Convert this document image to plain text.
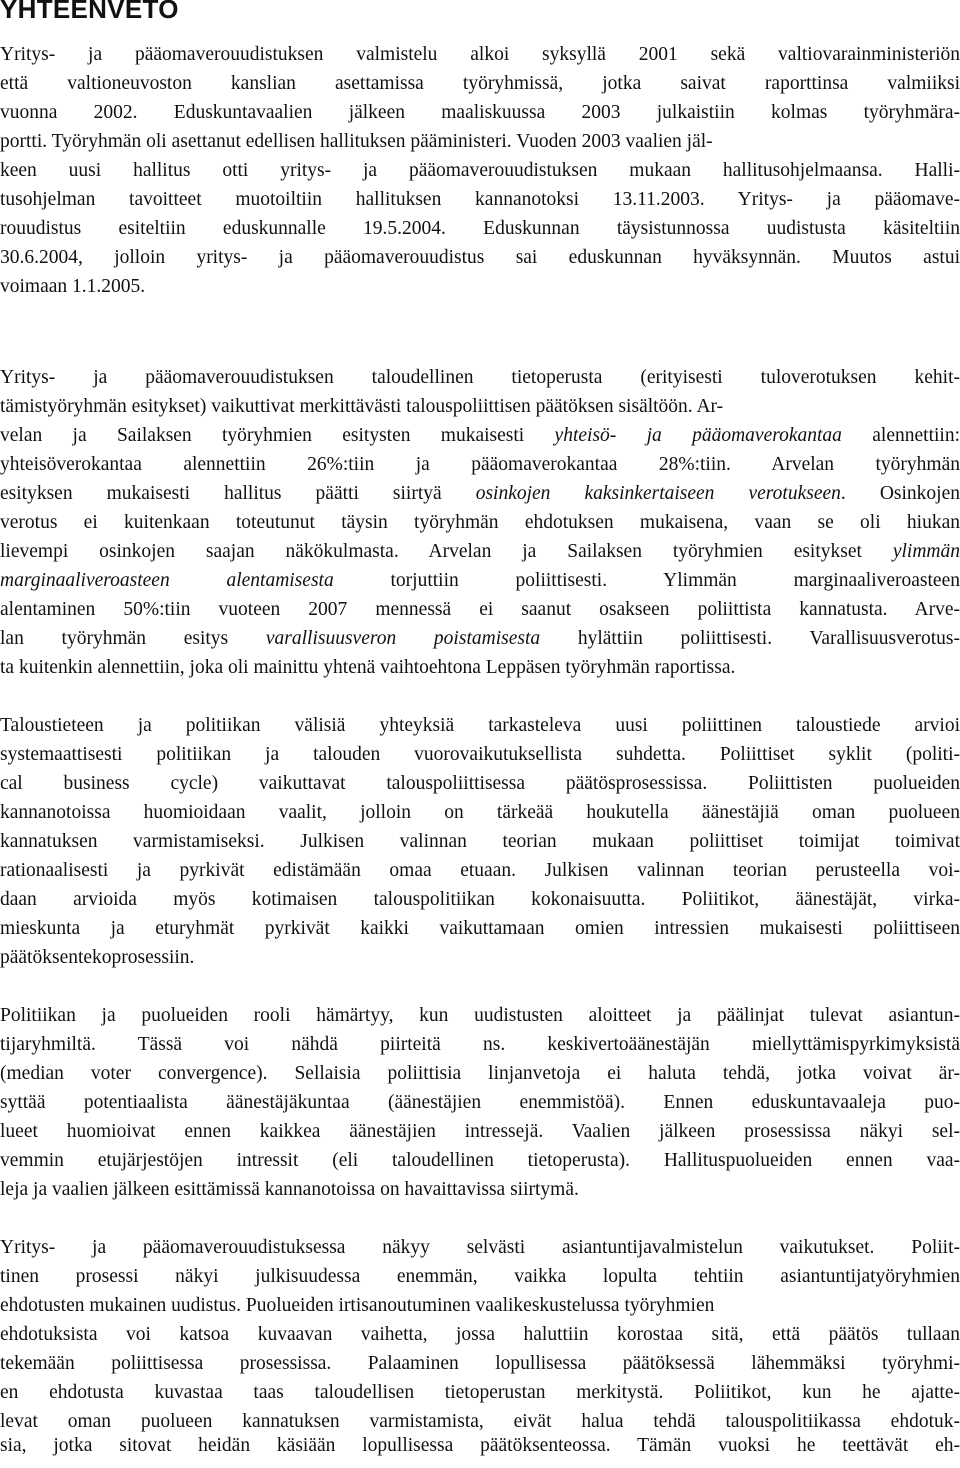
YHTEENVETO
Yritys- ja pääomaverouudistuksen valmistelu alkoi syksyllä 2001 sekä valtiovarainministeriön
että valtioneuvoston kanslian asettamissa työryhmissä, jotka saivat raporttinsa valmiiksi
vuonna 2002. Eduskuntavaalien jälkeen maaliskuussa 2003 julkaistiin kolmas työryhmära-
portti. Työryhmän oli asettanut edellisen hallituksen pääministeri. Vuoden 2003 vaalien jäl-
keen uusi hallitus otti yritys- ja pääomaverouudistuksen mukaan hallitusohjelmaansa. Halli-
tusohjelman tavoitteet muotoiltiin hallituksen kannanotoksi 13.11.2003. Yritys- ja pääomave-
rouudistus esiteltiin eduskunnalle 19.5.2004. Eduskunnan täysistunnossa uudistusta käsiteltiin
30.6.2004, jolloin yritys- ja pääomaverouudistus sai eduskunnan hyväksynnän. Muutos astui
voimaan 1.1.2005.
Yritys- ja pääomaverouudistuksen taloudellinen tietoperusta (erityisesti tuloverotuksen kehit-
tämistyöryhmän esitykset) vaikuttivat merkittävästi talouspoliittisen päätöksen sisältöön. Ar-
velan ja Sailaksen työryhmien esitysten mukaisesti yhteisö- ja pääomaverokantaa alennettiin:
yhteisöverokantaa alennettiin 26%:tiin ja pääomaverokantaa 28%:tiin. Arvelan työryhmän
esityksen mukaisesti hallitus päätti siirtyä osinkojen kaksinkertaiseen verotukseen. Osinkojen
verotus ei kuitenkaan toteutunut täysin työryhmän ehdotuksen mukaisena, vaan se oli hiukan
lievempi osinkojen saajan näkökulmasta. Arvelan ja Sailaksen työryhmien esitykset ylimmän
marginaaliveroasteen alentamisesta torjuttiin poliittisesti. Ylimmän marginaaliveroasteen
alentaminen 50%:tiin vuoteen 2007 mennessä ei saanut osakseen poliittista kannatusta. Arve-
lan työryhmän esitys varallisuusveron poistamisesta hylättiin poliittisesti. Varallisuusverotus-
ta kuitenkin alennettiin, joka oli mainittu yhtenä vaihtoehtona Leppäsen työryhmän raportissa.
Taloustieteen ja politiikan välisiä yhteyksiä tarkasteleva uusi poliittinen taloustiede arvioi
systemaattisesti politiikan ja talouden vuorovaikutuksellista suhdetta. Poliittiset syklit (politi-
cal business cycle) vaikuttavat talouspoliittisessa päätösprosessissa. Poliittisten puolueiden
kannanotoissa huomioidaan vaalit, jolloin on tärkeää houkutella äänestäjiä oman puolueen
kannatuksen varmistamiseksi. Julkisen valinnan teorian mukaan poliittiset toimijat toimivat
rationaalisesti ja pyrkivät edistämään omaa etuaan. Julkisen valinnan teorian perusteella voi-
daan arvioida myös kotimaisen talouspolitiikan kokonaisuutta. Poliitikot, äänestäjät, virka-
mieskunta ja eturyhmät pyrkivät kaikki vaikuttamaan omien intressien mukaisesti poliittiseen
päätöksentekoprosessiin.
Politiikan ja puolueiden rooli hämärtyy, kun uudistusten aloitteet ja päälinjat tulevat asiantun-
tijaryhmiltä. Tässä voi nähdä piirteitä ns. keskivertoäänestäjän miellyttämispyrkimyksistä
(median voter convergence). Sellaisia poliittisia linjanvetoja ei haluta tehdä, jotka voivat är-
syttää potentiaalista äänestäjäkuntaa (äänestäjien enemmistöä). Ennen eduskuntavaaleja puo-
lueet huomioivat ennen kaikkea äänestäjien intressejä. Vaalien jälkeen prosessissa näkyi sel-
vemmin etujärjestöjen intressit (eli taloudellinen tietoperusta). Hallituspuolueiden ennen vaa-
leja ja vaalien jälkeen esittämissä kannanotoissa on havaittavissa siirtymä.
Yritys- ja pääomaverouudistuksessa näkyy selvästi asiantuntijavalmistelun vaikutukset. Poliit-
tinen prosessi näkyi julkisuudessa enemmän, vaikka lopulta tehtiin asiantuntijatyöryhmien
ehdotusten mukainen uudistus. Puolueiden irtisanoutuminen vaalikeskustelussa työryhmien
ehdotuksista voi katsoa kuvaavan vaihetta, jossa haluttiin korostaa sitä, että päätös tullaan
tekemään poliittisessa prosessissa. Palaaminen lopullisessa päätöksessä lähemmäksi työryhmi-
en ehdotusta kuvastaa taas taloudellisen tietoperustan merkitystä. Poliitikot, kun he ajatte-
levat oman puolueen kannatuksen varmistamista, eivät halua tehdä talouspolitiikassa ehdotuk-
sia, jotka sitovat heidän käsiään lopullisessa päätöksenteossa. Tämän vuoksi he teettävät eh-
